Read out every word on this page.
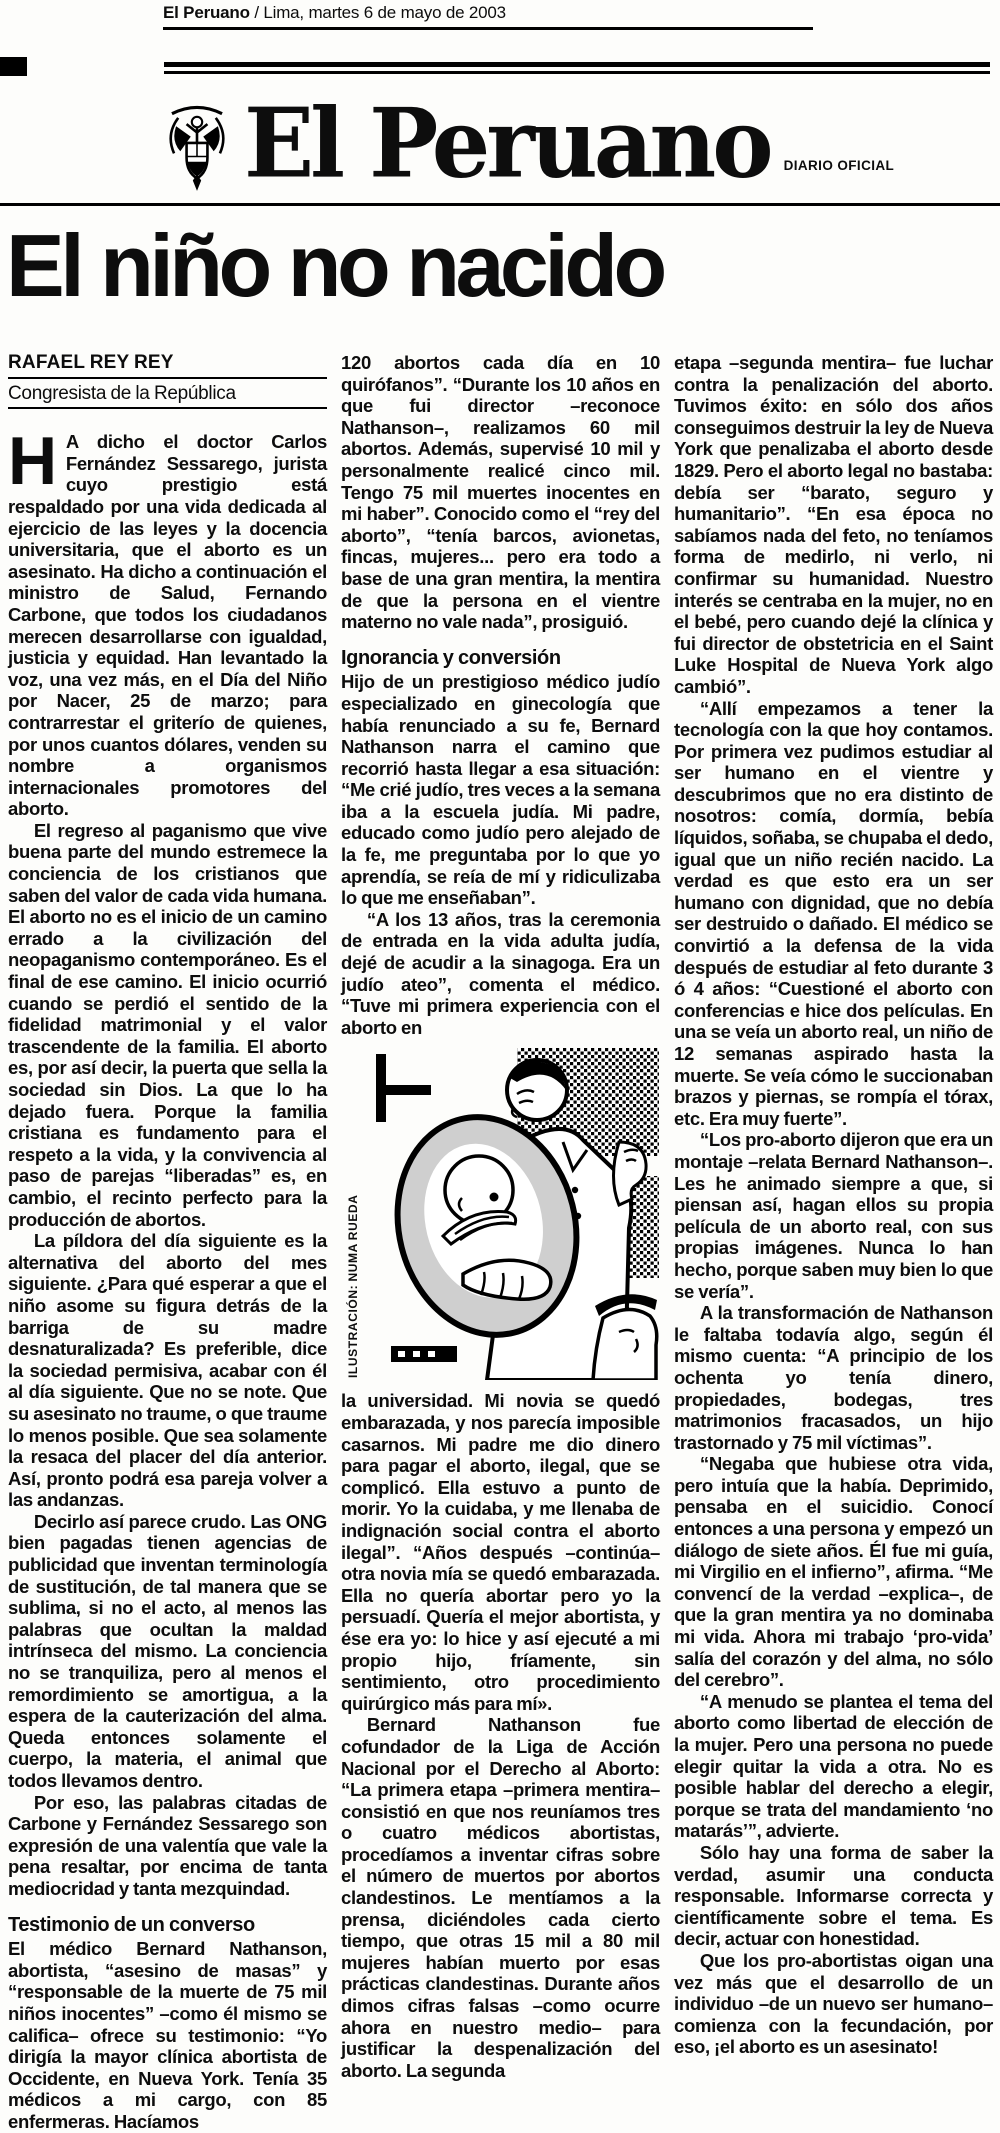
El Peruano / Lima, martes 6 de mayo de 2003
El Peruano DIARIO OFICIAL
El niño no nacido
RAFAEL REY REY
Congresista de la República

H A dicho el doctor Carlos Fernández Sessarego, jurista cuyo prestigio está respaldado por una vida dedicada al ejercicio de las leyes y la docencia universitaria, que el aborto es un asesinato. Ha dicho a continuación el ministro de Salud, Fernando Carbone, que todos los ciudadanos merecen desarrollarse con igualdad, justicia y equidad. Han levantado la voz, una vez más, en el Día del Niño por Nacer, 25 de marzo; para contrarrestar el griterío de quienes, por unos cuantos dólares, venden su nombre a organismos internacionales promotores del aborto.

El regreso al paganismo que vive buena parte del mundo estremece la conciencia de los cristianos que saben del valor de cada vida humana. El aborto no es el inicio de un camino errado a la civilización del neopaganismo contemporáneo. Es el final de ese camino. El inicio ocurrió cuando se perdió el sentido de la fidelidad matrimonial y el valor trascendente de la familia. El aborto es, por así decir, la puerta que sella la sociedad sin Dios. La que lo ha dejado fuera. Porque la familia cristiana es fundamento para el respeto a la vida, y la convivencia al paso de parejas “liberadas” es, en cambio, el recinto perfecto para la producción de abortos.

La píldora del día siguiente es la alternativa del aborto del mes siguiente. ¿Para qué esperar a que el niño asome su figura detrás de la barriga de su madre desnaturalizada? Es preferible, dice la sociedad permisiva, acabar con él al día siguiente. Que no se note. Que su asesinato no traume, o que traume lo menos posible. Que sea solamente la resaca del placer del día anterior. Así, pronto podrá esa pareja volver a las andanzas.

Decirlo así parece crudo. Las ONG bien pagadas tienen agencias de publicidad que inventan terminología de sustitución, de tal manera que se sublima, si no el acto, al menos las palabras que ocultan la maldad intrínseca del mismo. La conciencia no se tranquiliza, pero al menos el remordimiento se amortigua, a la espera de la cauterización del alma. Queda entonces solamente el cuerpo, la materia, el animal que todos llevamos dentro.

Por eso, las palabras citadas de Carbone y Fernández Sessarego son expresión de una valentía que vale la pena resaltar, por encima de tanta mediocridad y tanta mezquindad.

Testimonio de un converso

El médico Bernard Nathanson, abortista, “asesino de masas” y “responsable de la muerte de 75 mil niños inocentes” –como él mismo se califica– ofrece su testimonio: “Yo dirigía la mayor clínica abortista de Occidente, en Nueva York. Tenía 35 médicos a mi cargo, con 85 enfermeras. Hacíamos

120 abortos cada día en 10 quirófanos”. “Durante los 10 años en que fui director –reconoce Nathanson–, realizamos 60 mil abortos. Además, supervisé 10 mil y personalmente realicé cinco mil. Tengo 75 mil muertes inocentes en mi haber”. Conocido como el “rey del aborto”, “tenía barcos, avionetas, fincas, mujeres... pero era todo a base de una gran mentira, la mentira de que la persona en el vientre materno no vale nada”, prosiguió.

Ignorancia y conversión

Hijo de un prestigioso médico judío especializado en ginecología que había renunciado a su fe, Bernard Nathanson narra el camino que recorrió hasta llegar a esa situación: “Me crié judío, tres veces a la semana iba a la escuela judía. Mi padre, educado como judío pero alejado de la fe, me preguntaba por lo que yo aprendía, se reía de mí y ridiculizaba lo que me enseñaban”.

“A los 13 años, tras la ceremonia de entrada en la vida adulta judía, dejé de acudir a la sinagoga. Era un judío ateo”, comenta el médico. “Tuve mi primera experiencia con el aborto en

ILUSTRACIÓN: NUMA RUEDA

la universidad. Mi novia se quedó embarazada, y nos parecía imposible casarnos. Mi padre me dio dinero para pagar el aborto, ilegal, que se complicó. Ella estuvo a punto de morir. Yo la cuidaba, y me llenaba de indignación social contra el aborto ilegal”. “Años después –continúa– otra novia mía se quedó embarazada. Ella no quería abortar pero yo la persuadí. Quería el mejor abortista, y ése era yo: lo hice y así ejecuté a mi propio hijo, fríamente, sin sentimiento, otro procedimiento quirúrgico más para mí».

Bernard Nathanson fue cofundador de la Liga de Acción Nacional por el Derecho al Aborto: “La primera etapa –primera mentira– consistió en que nos reuníamos tres o cuatro médicos abortistas, procedíamos a inventar cifras sobre el número de muertos por abortos clandestinos. Le mentíamos a la prensa, diciéndoles cada cierto tiempo, que otras 15 mil a 80 mil mujeres habían muerto por esas prácticas clandestinas. Durante años dimos cifras falsas –como ocurre ahora en nuestro medio– para justificar la despenalización del aborto. La segunda

etapa –segunda mentira– fue luchar contra la penalización del aborto. Tuvimos éxito: en sólo dos años conseguimos destruir la ley de Nueva York que penalizaba el aborto desde 1829. Pero el aborto legal no bastaba: debía ser “barato, seguro y humanitario”. “En esa época no sabíamos nada del feto, no teníamos forma de medirlo, ni verlo, ni confirmar su humanidad. Nuestro interés se centraba en la mujer, no en el bebé, pero cuando dejé la clínica y fui director de obstetricia en el Saint Luke Hospital de Nueva York algo cambió”.

“Allí empezamos a tener la tecnología con la que hoy contamos. Por primera vez pudimos estudiar al ser humano en el vientre y descubrimos que no era distinto de nosotros: comía, dormía, bebía líquidos, soñaba, se chupaba el dedo, igual que un niño recién nacido. La verdad es que esto era un ser humano con dignidad, que no debía ser destruido o dañado. El médico se convirtió a la defensa de la vida después de estudiar al feto durante 3 ó 4 años: “Cuestioné el aborto con conferencias e hice dos películas. En una se veía un aborto real, un niño de 12 semanas aspirado hasta la muerte. Se veía cómo le succionaban brazos y piernas, se rompía el tórax, etc. Era muy fuerte”.

“Los pro-aborto dijeron que era un montaje –relata Bernard Nathanson–. Les he animado siempre a que, si piensan así, hagan ellos su propia película de un aborto real, con sus propias imágenes. Nunca lo han hecho, porque saben muy bien lo que se vería”.

A la transformación de Nathanson le faltaba todavía algo, según él mismo cuenta: “A principio de los ochenta yo tenía dinero, propiedades, bodegas, tres matrimonios fracasados, un hijo trastornado y 75 mil víctimas”.

“Negaba que hubiese otra vida, pero intuía que la había. Deprimido, pensaba en el suicidio. Conocí entonces a una persona y empezó un diálogo de siete años. Él fue mi guía, mi Virgilio en el infierno”, afirma. “Me convencí de la verdad –explica–, de que la gran mentira ya no dominaba mi vida. Ahora mi trabajo ‘pro-vida’ salía del corazón y del alma, no sólo del cerebro”.

“A menudo se plantea el tema del aborto como libertad de elección de la mujer. Pero una persona no puede elegir quitar la vida a otra. No es posible hablar del derecho a elegir, porque se trata del mandamiento ‘no matarás’”, advierte.

Sólo hay una forma de saber la verdad, asumir una conducta responsable. Informarse correcta y científicamente sobre el tema. Es decir, actuar con honestidad.

Que los pro-abortistas oigan una vez más que el desarrollo de un individuo –de un nuevo ser humano– comienza con la fecundación, por eso, ¡el aborto es un asesinato!
